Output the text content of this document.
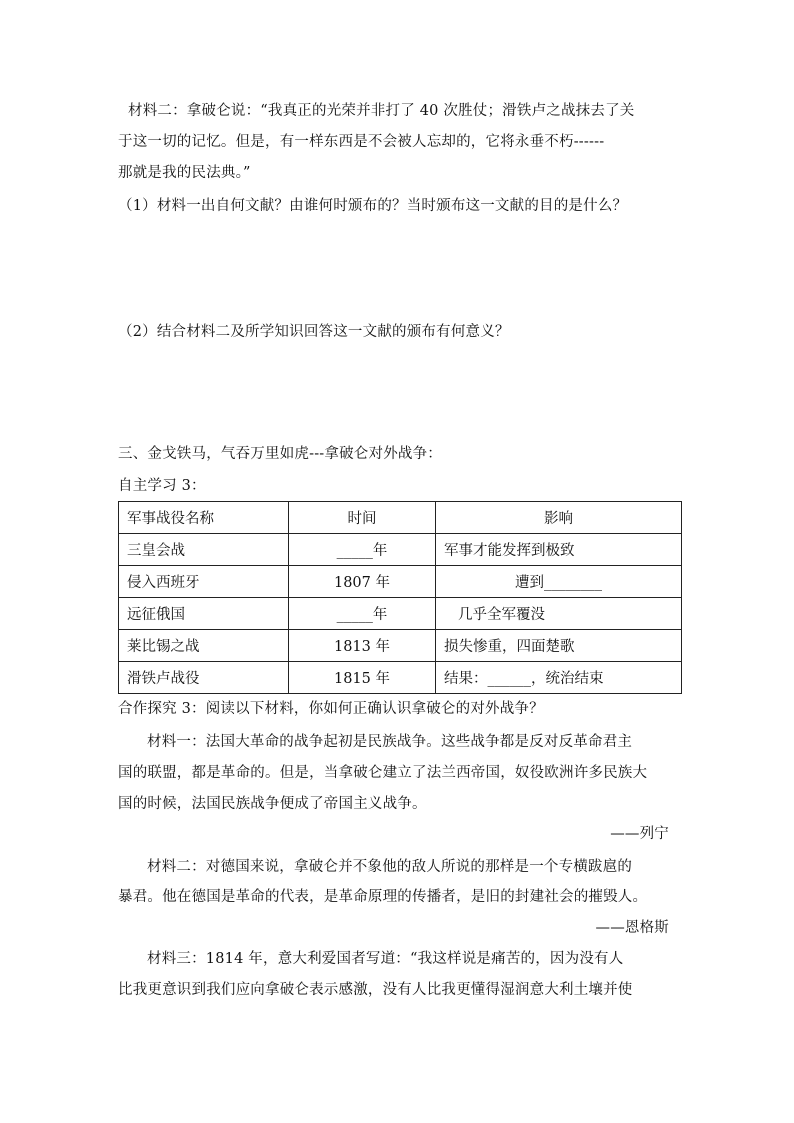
材料二：拿破仑说：“我真正的光荣并非打了 40 次胜仗；滑铁卢之战抹去了关
于这一切的记忆。但是，有一样东西是不会被人忘却的，它将永垂不朽------
那就是我的民法典。”
（1）材料一出自何文献？由谁何时颁布的？当时颁布这一文献的目的是什么？
（2）结合材料二及所学知识回答这一文献的颁布有何意义？
三、金戈铁马，气吞万里如虎---拿破仑对外战争：
自主学习 3：
军事战役名称	时间	影响
三皇会战	_____年	军事才能发挥到极致
侵入西班牙	1807 年	遭到________
远征俄国	_____年	几乎全军覆没
莱比锡之战	1813 年	损失惨重，四面楚歌
滑铁卢战役	1815 年	结果：______，统治结束
合作探究 3：阅读以下材料，你如何正确认识拿破仑的对外战争？
材料一：法国大革命的战争起初是民族战争。这些战争都是反对反革命君主
国的联盟，都是革命的。但是，当拿破仑建立了法兰西帝国，奴役欧洲许多民族大
国的时候，法国民族战争便成了帝国主义战争。
——列宁
材料二：对德国来说，拿破仑并不象他的敌人所说的那样是一个专横跋扈的
暴君。他在德国是革命的代表，是革命原理的传播者，是旧的封建社会的摧毁人。
——恩格斯
材料三：1814 年，意大利爱国者写道：“我这样说是痛苦的，因为没有人
比我更意识到我们应向拿破仑表示感激，没有人比我更懂得湿润意大利土壤并使
